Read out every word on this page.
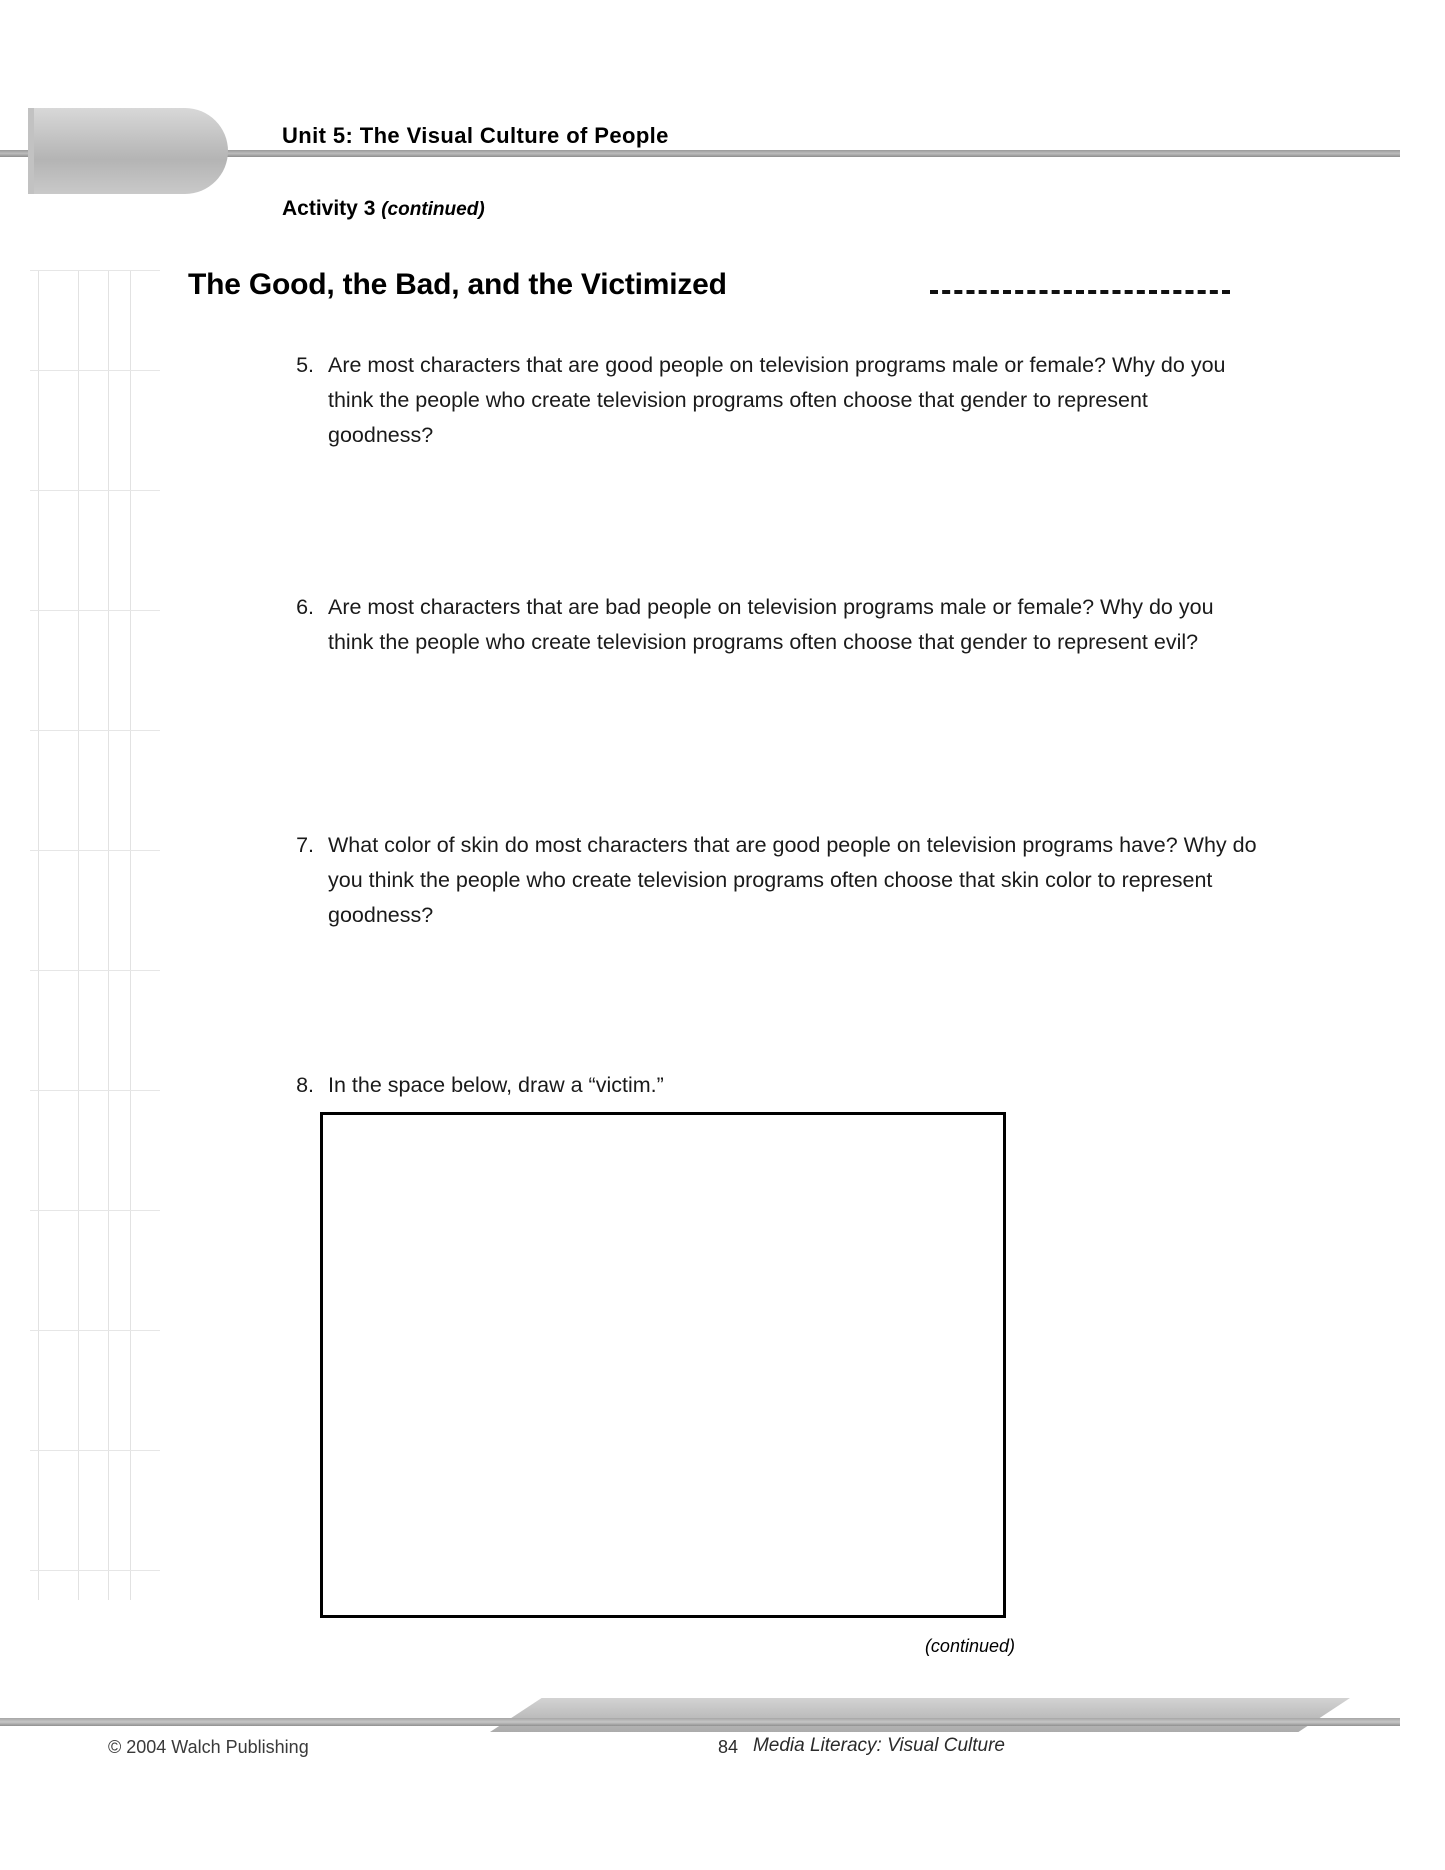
Unit 5: The Visual Culture of People
Activity 3 (continued)
The Good, the Bad, and the Victimized
5. Are most characters that are good people on television programs male or female? Why do you think the people who create television programs often choose that gender to represent goodness?
6. Are most characters that are bad people on television programs male or female? Why do you think the people who create television programs often choose that gender to represent evil?
7. What color of skin do most characters that are good people on television programs have? Why do you think the people who create television programs often choose that skin color to represent goodness?
8. In the space below, draw a “victim.”
(continued)
© 2004 Walch Publishing	84 Media Literacy: Visual Culture
